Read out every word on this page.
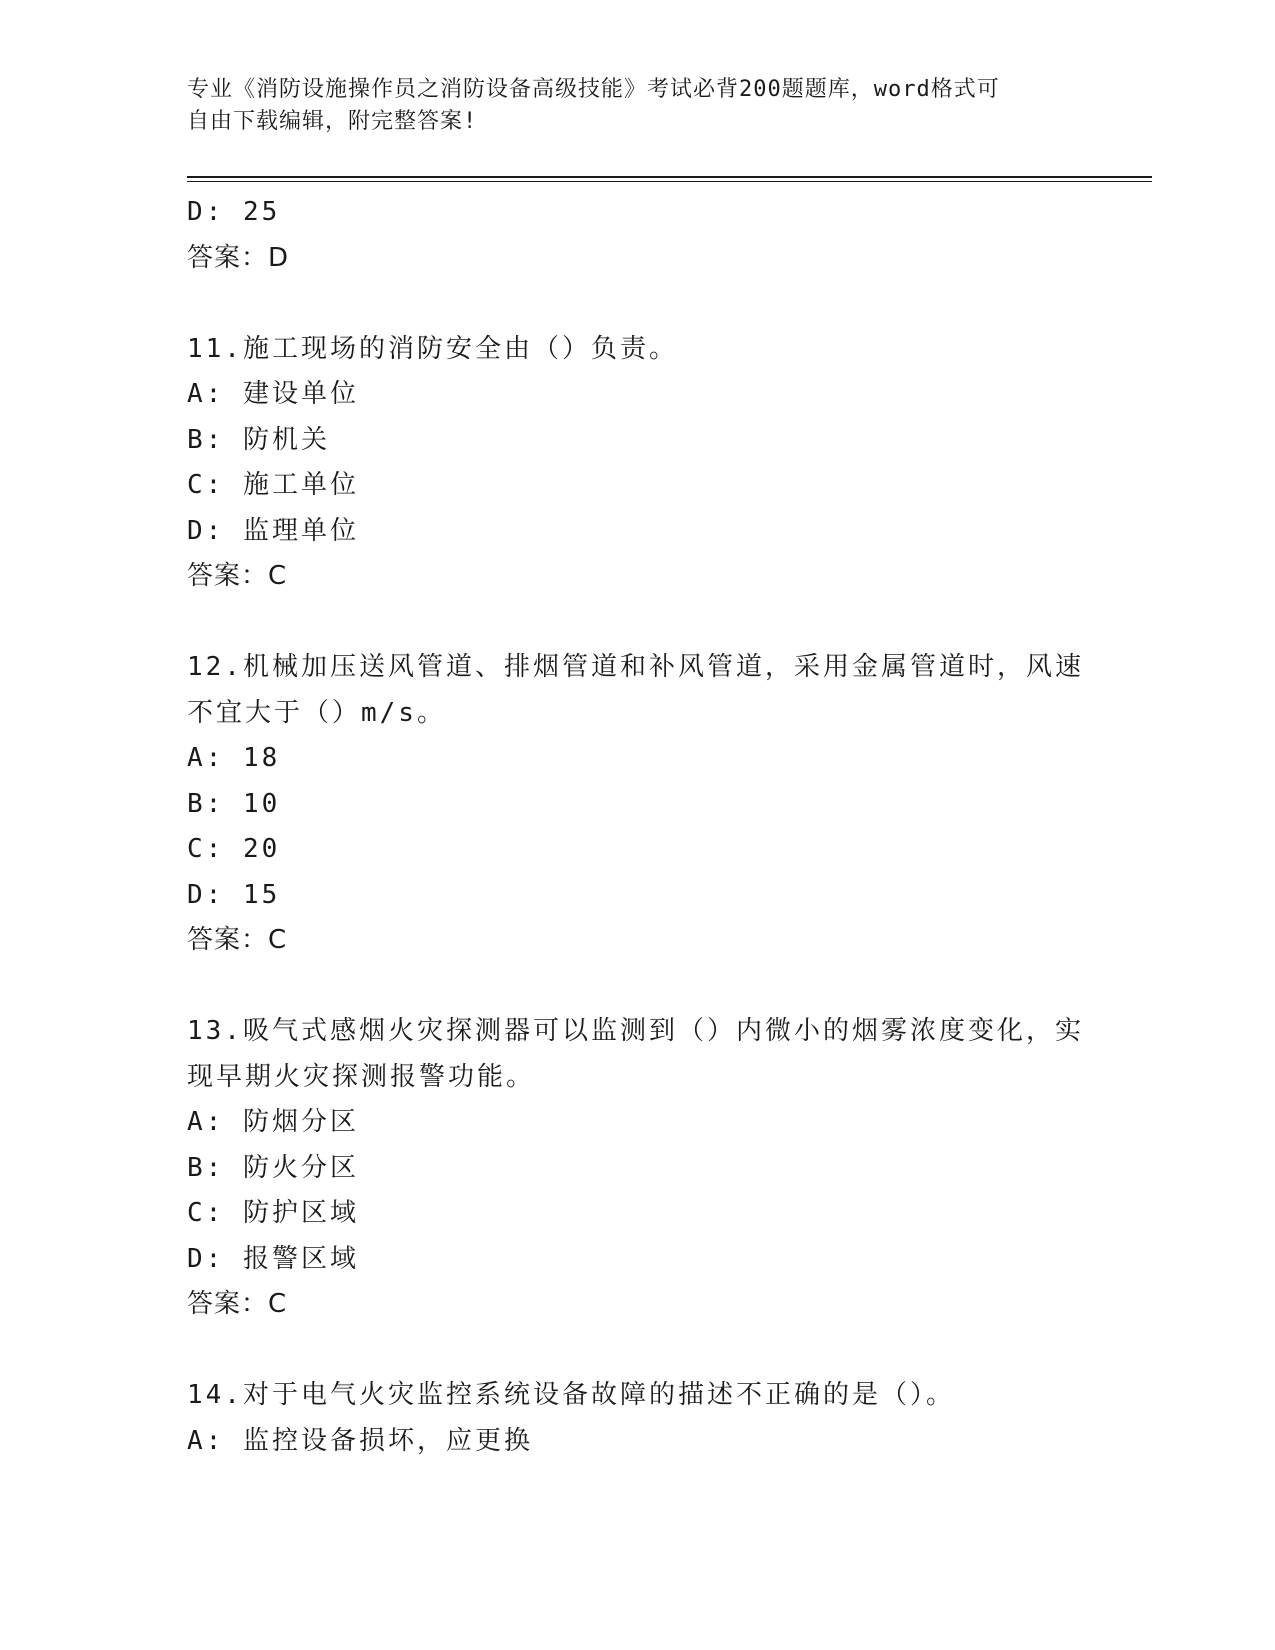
专业《消防设施操作员之消防设备高级技能》考试必背200题题库，word格式可
自由下载编辑，附完整答案!
D: 25
答案：D
11.施工现场的消防安全由（）负责。
A: 建设单位
B: 防机关
C: 施工单位
D: 监理单位
答案：C
12.机械加压送风管道、排烟管道和补风管道，采用金属管道时，风速
不宜大于（）m/s。
A: 18
B: 10
C: 20
D: 15
答案：C
13.吸气式感烟火灾探测器可以监测到（）内微小的烟雾浓度变化，实
现早期火灾探测报警功能。
A: 防烟分区
B: 防火分区
C: 防护区域
D: 报警区域
答案：C
14.对于电气火灾监控系统设备故障的描述不正确的是（）。
A: 监控设备损坏，应更换
